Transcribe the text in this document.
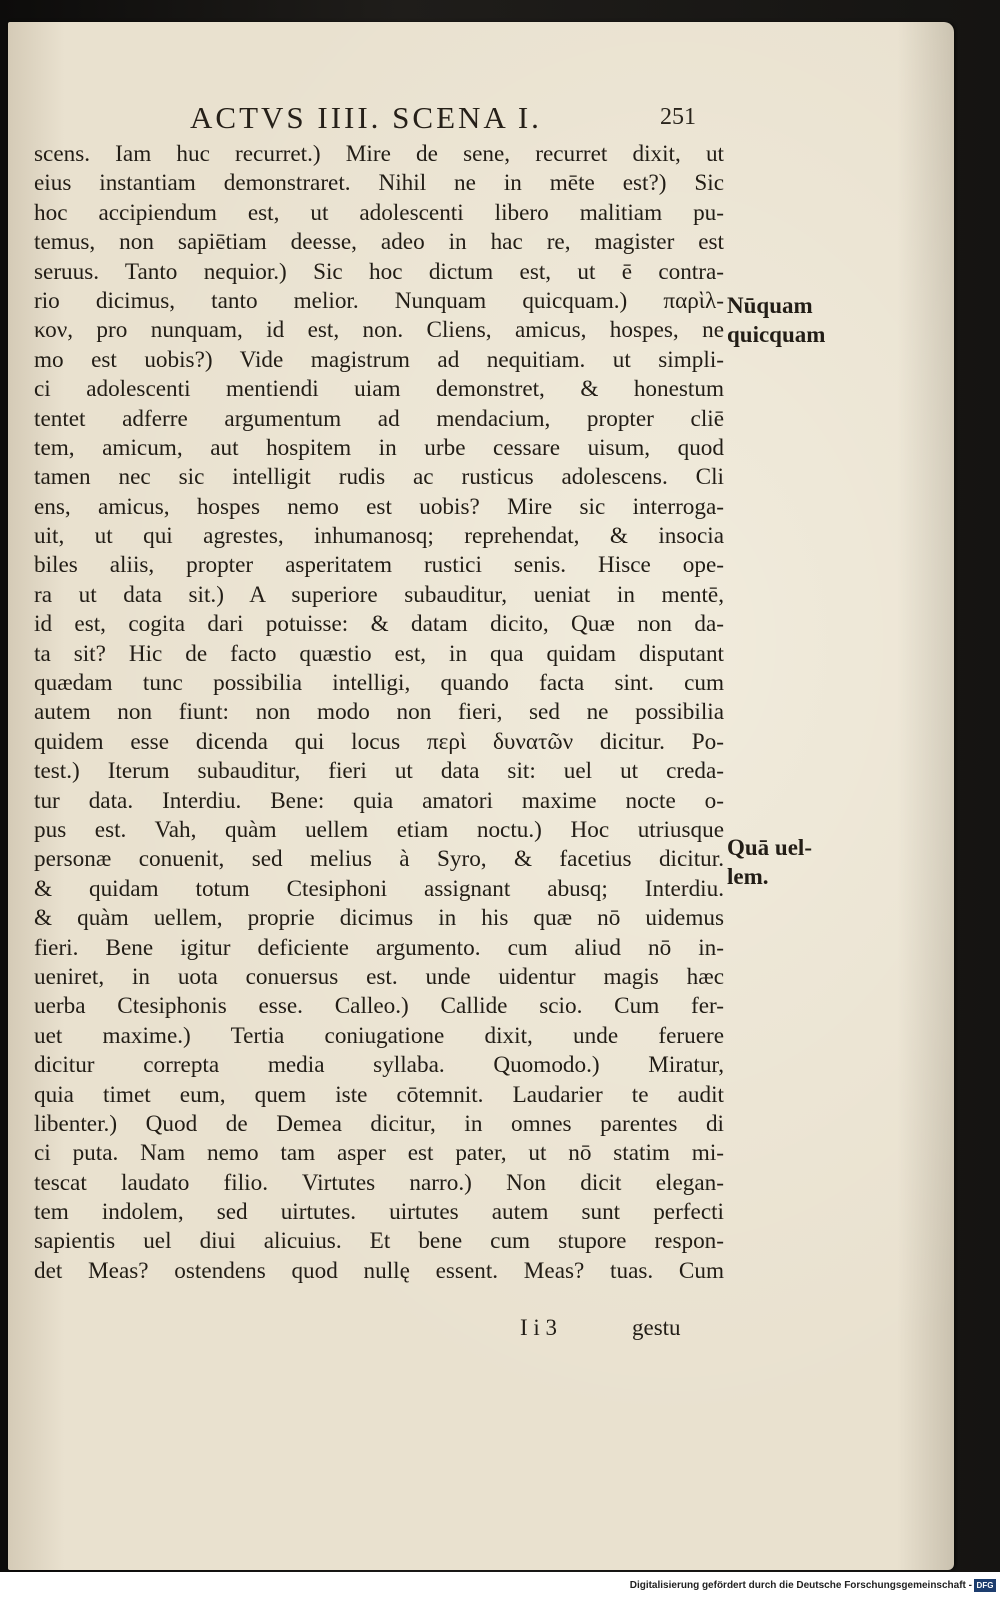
ACTVS IIII. SCENA I.	251
scens. Iam huc recurret.) Mire de sene, recurret dixit, ut
eius instantiam demonstraret. Nihil ne in mēte est?) Sic
hoc accipiendum est, ut adolescenti libero malitiam pu-
temus, non sapiētiam deesse, adeo in hac re, magister est
seruus. Tanto nequior.) Sic hoc dictum est, ut ē contra-
rio dicimus, tanto melior. Nunquam quicquam.) παρὶλ-
κον, pro nunquam, id est, non. Cliens, amicus, hospes, ne
mo est uobis?) Vide magistrum ad nequitiam. ut simpli-
ci adolescenti mentiendi uiam demonstret, & honestum
tentet adferre argumentum ad mendacium, propter cliē
tem, amicum, aut hospitem in urbe cessare uisum, quod
tamen nec sic intelligit rudis ac rusticus adolescens. Cli
ens, amicus, hospes nemo est uobis? Mire sic interroga-
uit, ut qui agrestes, inhumanosq; reprehendat, & insocia
biles aliis, propter asperitatem rustici senis. Hisce ope-
ra ut data sit.) A superiore subauditur, ueniat in mentē,
id est, cogita dari potuisse: & datam dicito, Quæ non da-
ta sit? Hic de facto quæstio est, in qua quidam disputant
quædam tunc possibilia intelligi, quando facta sint. cum
autem non fiunt: non modo non fieri, sed ne possibilia
quidem esse dicenda qui locus περὶ δυνατῶν dicitur. Po-
test.) Iterum subauditur, fieri ut data sit: uel ut creda-
tur data. Interdiu. Bene: quia amatori maxime nocte o-
pus est. Vah, quàm uellem etiam noctu.) Hoc utriusque
personæ conuenit, sed melius à Syro, & facetius dicitur.
& quidam totum Ctesiphoni assignant abusq; Interdiu.
& quàm uellem, proprie dicimus in his quæ nō uidemus
fieri. Bene igitur deficiente argumento. cum aliud nō in-
ueniret, in uota conuersus est. unde uidentur magis hæc
uerba Ctesiphonis esse. Calleo.) Callide scio. Cum fer-
uet maxime.) Tertia coniugatione dixit, unde feruere
dicitur correpta media syllaba. Quomodo.) Miratur,
quia timet eum, quem iste cōtemnit. Laudarier te audit
libenter.) Quod de Demea dicitur, in omnes parentes di
ci puta. Nam nemo tam asper est pater, ut nō statim mi-
tescat laudato filio. Virtutes narro.) Non dicit elegan-
tem indolem, sed uirtutes. uirtutes autem sunt perfecti
sapientis uel diui alicuius. Et bene cum stupore respon-
det Meas? ostendens quod nullę essent. Meas? tuas. Cum
Nūquam
quicquam
Quā uel-
lem.
I i 3	gestu
Digitalisierung gefördert durch die Deutsche Forschungsgemeinschaft - DFG
